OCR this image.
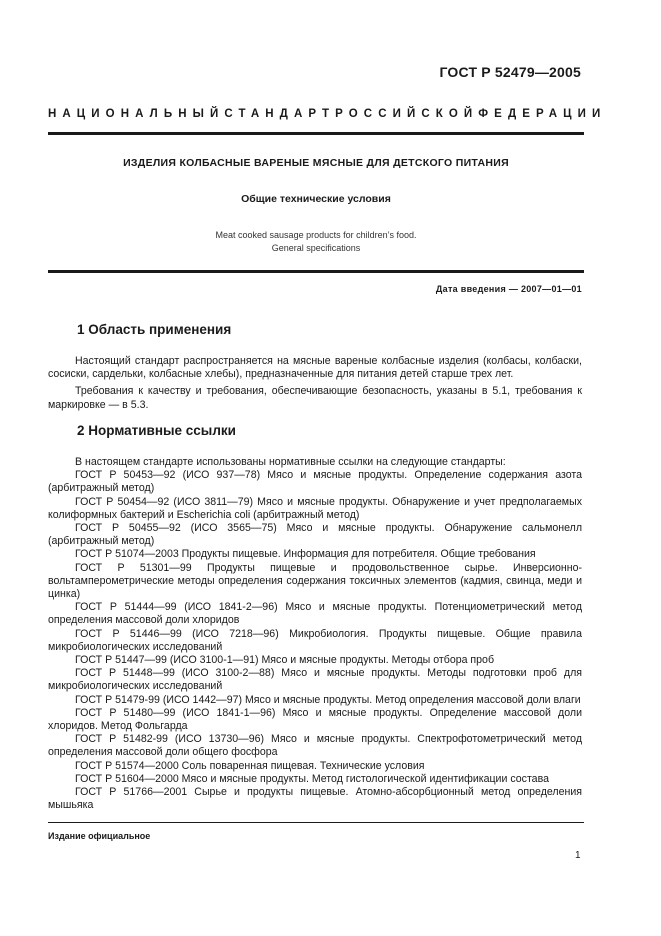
ГОСТ Р 52479—2005
НАЦИОНАЛЬНЫЙ СТАНДАРТ РОССИЙСКОЙ ФЕДЕРАЦИИ
ИЗДЕЛИЯ КОЛБАСНЫЕ ВАРЕНЫЕ МЯСНЫЕ ДЛЯ ДЕТСКОГО ПИТАНИЯ
Общие технические условия
Meat cooked sausage products for children’s food.
General specifications
Дата введения — 2007—01—01
1 Область применения

Настоящий стандарт распространяется на мясные вареные колбасные изделия (колбасы, колбаски, сосиски, сардельки, колбасные хлебы), предназначенные для питания детей старше трех лет.

Требования к качеству и требования, обеспечивающие безопасность, указаны в 5.1, требования к маркировке — в 5.3.

2 Нормативные ссылки

В настоящем стандарте использованы нормативные ссылки на следующие стандарты:

ГОСТ Р 50453—92 (ИСО 937—78) Мясо и мясные продукты. Определение содержания азота (арбитражный метод)

ГОСТ Р 50454—92 (ИСО 3811—79) Мясо и мясные продукты. Обнаружение и учет предполагаемых колиформных бактерий и Escherichia coli (арбитражный метод)

ГОСТ Р 50455—92 (ИСО 3565—75) Мясо и мясные продукты. Обнаружение сальмонелл (арбитражный метод)

ГОСТ Р 51074—2003 Продукты пищевые. Информация для потребителя. Общие требования

ГОСТ Р 51301—99 Продукты пищевые и продовольственное сырье. Инверсионно-вольтамперометрические методы определения содержания токсичных элементов (кадмия, свинца, меди и цинка)

ГОСТ Р 51444—99 (ИСО 1841-2—96) Мясо и мясные продукты. Потенциометрический метод определения массовой доли хлоридов

ГОСТ Р 51446—99 (ИСО 7218—96) Микробиология. Продукты пищевые. Общие правила микробиологических исследований

ГОСТ Р 51447—99 (ИСО 3100-1—91) Мясо и мясные продукты. Методы отбора проб

ГОСТ Р 51448—99 (ИСО 3100-2—88) Мясо и мясные продукты. Методы подготовки проб для микробиологических исследований

ГОСТ Р 51479-99 (ИСО 1442—97) Мясо и мясные продукты. Метод определения массовой доли влаги

ГОСТ Р 51480—99 (ИСО 1841-1—96) Мясо и мясные продукты. Определение массовой доли хлоридов. Метод Фольгарда

ГОСТ Р 51482-99 (ИСО 13730—96) Мясо и мясные продукты. Спектрофотометрический метод определения массовой доли общего фосфора

ГОСТ Р 51574—2000 Соль поваренная пищевая. Технические условия

ГОСТ Р 51604—2000 Мясо и мясные продукты. Метод гистологической идентификации состава

ГОСТ Р 51766—2001 Сырье и продукты пищевые. Атомно-абсорбционный метод определения мышьяка

Издание официальное
1
